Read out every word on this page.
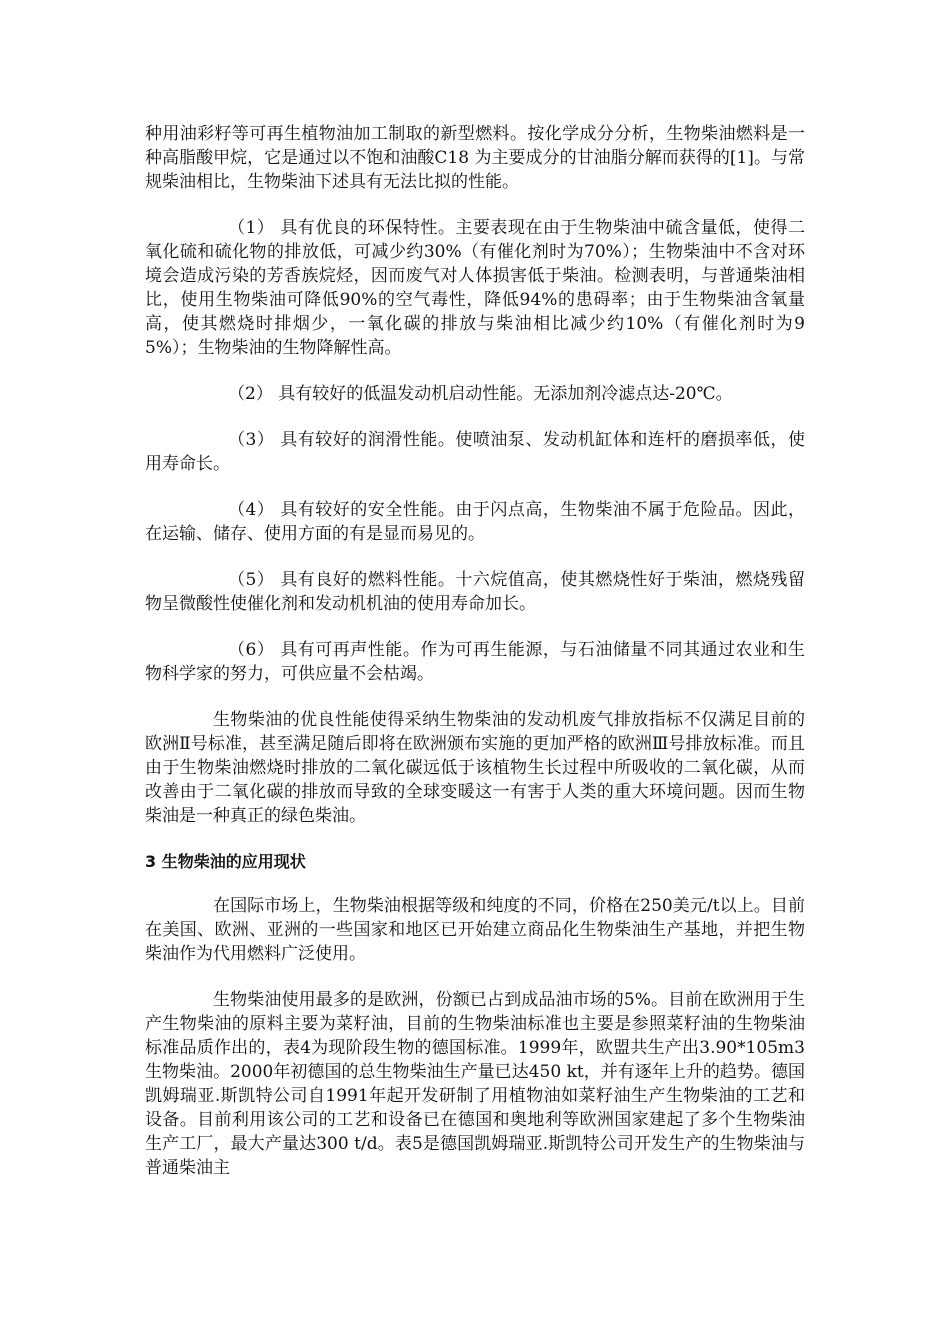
种用油彩籽等可再生植物油加工制取的新型燃料。按化学成分分析，生物柴油燃料是一种高脂酸甲烷，它是通过以不饱和油酸C18 为主要成分的甘油脂分解而获得的[1]。与常规柴油相比，生物柴油下述具有无法比拟的性能。

（1） 具有优良的环保特性。主要表现在由于生物柴油中硫含量低，使得二氧化硫和硫化物的排放低，可减少约30%（有催化剂时为70%）；生物柴油中不含对环境会造成污染的芳香族烷烃，因而废气对人体损害低于柴油。检测表明，与普通柴油相比，使用生物柴油可降低90%的空气毒性，降低94%的患碍率；由于生物柴油含氧量高，使其燃烧时排烟少，一氧化碳的排放与柴油相比减少约10%（有催化剂时为95%）；生物柴油的生物降解性高。

（2） 具有较好的低温发动机启动性能。无添加剂冷滤点达-20℃。

（3） 具有较好的润滑性能。使喷油泵、发动机缸体和连杆的磨损率低，使用寿命长。

（4） 具有较好的安全性能。由于闪点高，生物柴油不属于危险品。因此，在运输、储存、使用方面的有是显而易见的。

（5） 具有良好的燃料性能。十六烷值高，使其燃烧性好于柴油，燃烧残留物呈微酸性使催化剂和发动机机油的使用寿命加长。

（6） 具有可再声性能。作为可再生能源，与石油储量不同其通过农业和生物科学家的努力，可供应量不会枯竭。

生物柴油的优良性能使得采纳生物柴油的发动机废气排放指标不仅满足目前的欧洲Ⅱ号标准，甚至满足随后即将在欧洲颁布实施的更加严格的欧洲Ⅲ号排放标准。而且由于生物柴油燃烧时排放的二氧化碳远低于该植物生长过程中所吸收的二氧化碳，从而改善由于二氧化碳的排放而导致的全球变暖这一有害于人类的重大环境问题。因而生物柴油是一种真正的绿色柴油。

3 生物柴油的应用现状

在国际市场上，生物柴油根据等级和纯度的不同，价格在250美元/t以上。目前在美国、欧洲、亚洲的一些国家和地区已开始建立商品化生物柴油生产基地，并把生物柴油作为代用燃料广泛使用。

生物柴油使用最多的是欧洲，份额已占到成品油市场的5%。目前在欧洲用于生产生物柴油的原料主要为菜籽油，目前的生物柴油标准也主要是参照菜籽油的生物柴油标准品质作出的，表4为现阶段生物的德国标准。1999年，欧盟共生产出3.90*105m3 生物柴油。2000年初德国的总生物柴油生产量已达450 kt，并有逐年上升的趋势。德国凯姆瑞亚.斯凯特公司自1991年起开发研制了用植物油如菜籽油生产生物柴油的工艺和设备。目前利用该公司的工艺和设备已在德国和奥地利等欧洲国家建起了多个生物柴油生产工厂，最大产量达300 t/d。表5是德国凯姆瑞亚.斯凯特公司开发生产的生物柴油与普通柴油主
